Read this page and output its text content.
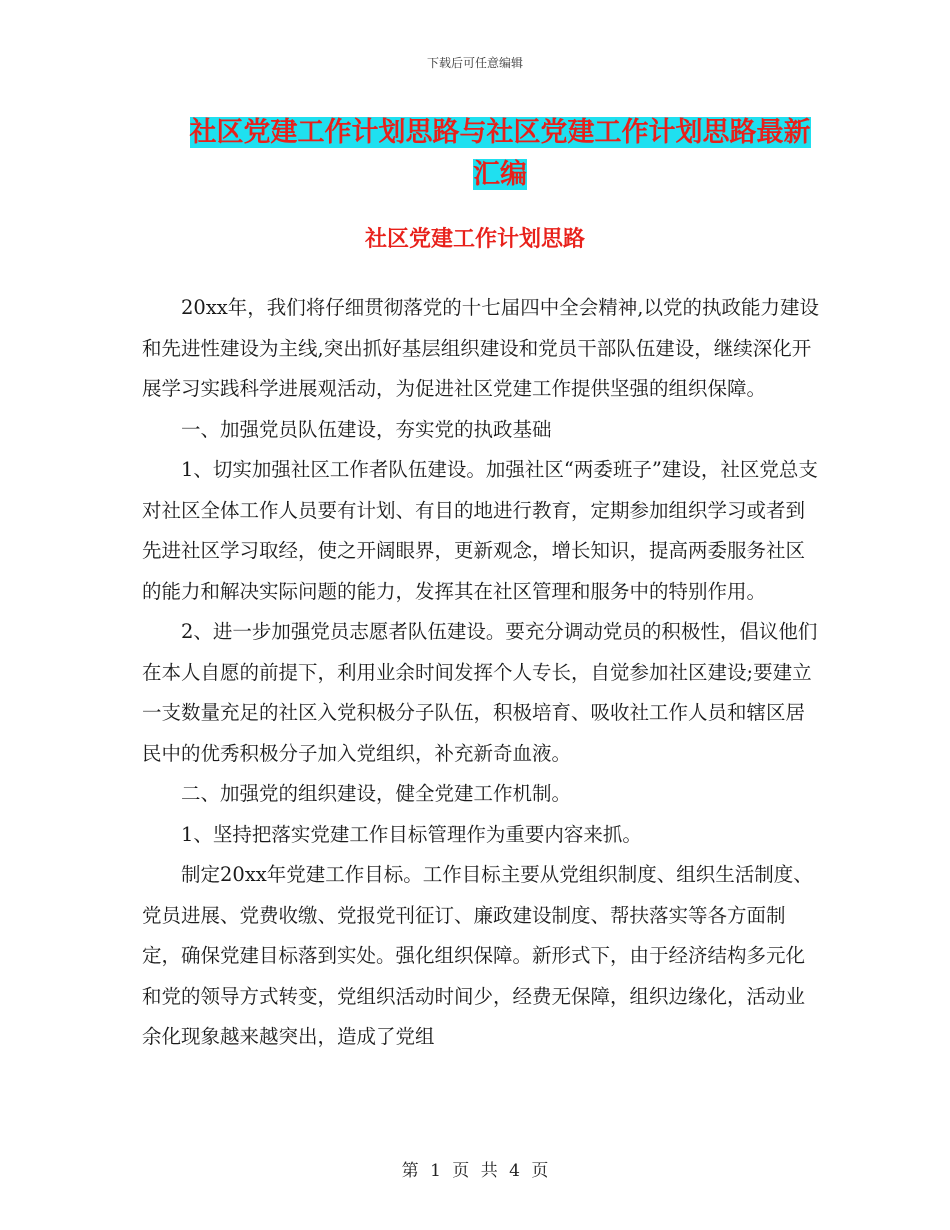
下载后可任意编辑
社区党建工作计划思路与社区党建工作计划思路最新
汇编
社区党建工作计划思路

20xx年，我们将仔细贯彻落党的十七届四中全会精神,以党的执政能力建设和先进性建设为主线,突出抓好基层组织建设和党员干部队伍建设，继续深化开展学习实践科学进展观活动，为促进社区党建工作提供坚强的组织保障。

一、加强党员队伍建设，夯实党的执政基础

1、切实加强社区工作者队伍建设。加强社区“两委班子”建设，社区党总支对社区全体工作人员要有计划、有目的地进行教育，定期参加组织学习或者到先进社区学习取经，使之开阔眼界，更新观念，增长知识，提高两委服务社区的能力和解决实际问题的能力，发挥其在社区管理和服务中的特别作用。

2、进一步加强党员志愿者队伍建设。要充分调动党员的积极性，倡议他们在本人自愿的前提下，利用业余时间发挥个人专长，自觉参加社区建设;要建立一支数量充足的社区入党积极分子队伍，积极培育、吸收社工作人员和辖区居民中的优秀积极分子加入党组织，补充新奇血液。

二、加强党的组织建设，健全党建工作机制。

1、坚持把落实党建工作目标管理作为重要内容来抓。

制定20xx年党建工作目标。工作目标主要从党组织制度、组织生活制度、党员进展、党费收缴、党报党刊征订、廉政建设制度、帮扶落实等各方面制定，确保党建目标落到实处。强化组织保障。新形式下，由于经济结构多元化和党的领导方式转变，党组织活动时间少，经费无保障，组织边缘化，活动业余化现象越来越突出，造成了党组

第 1 页 共 4 页
